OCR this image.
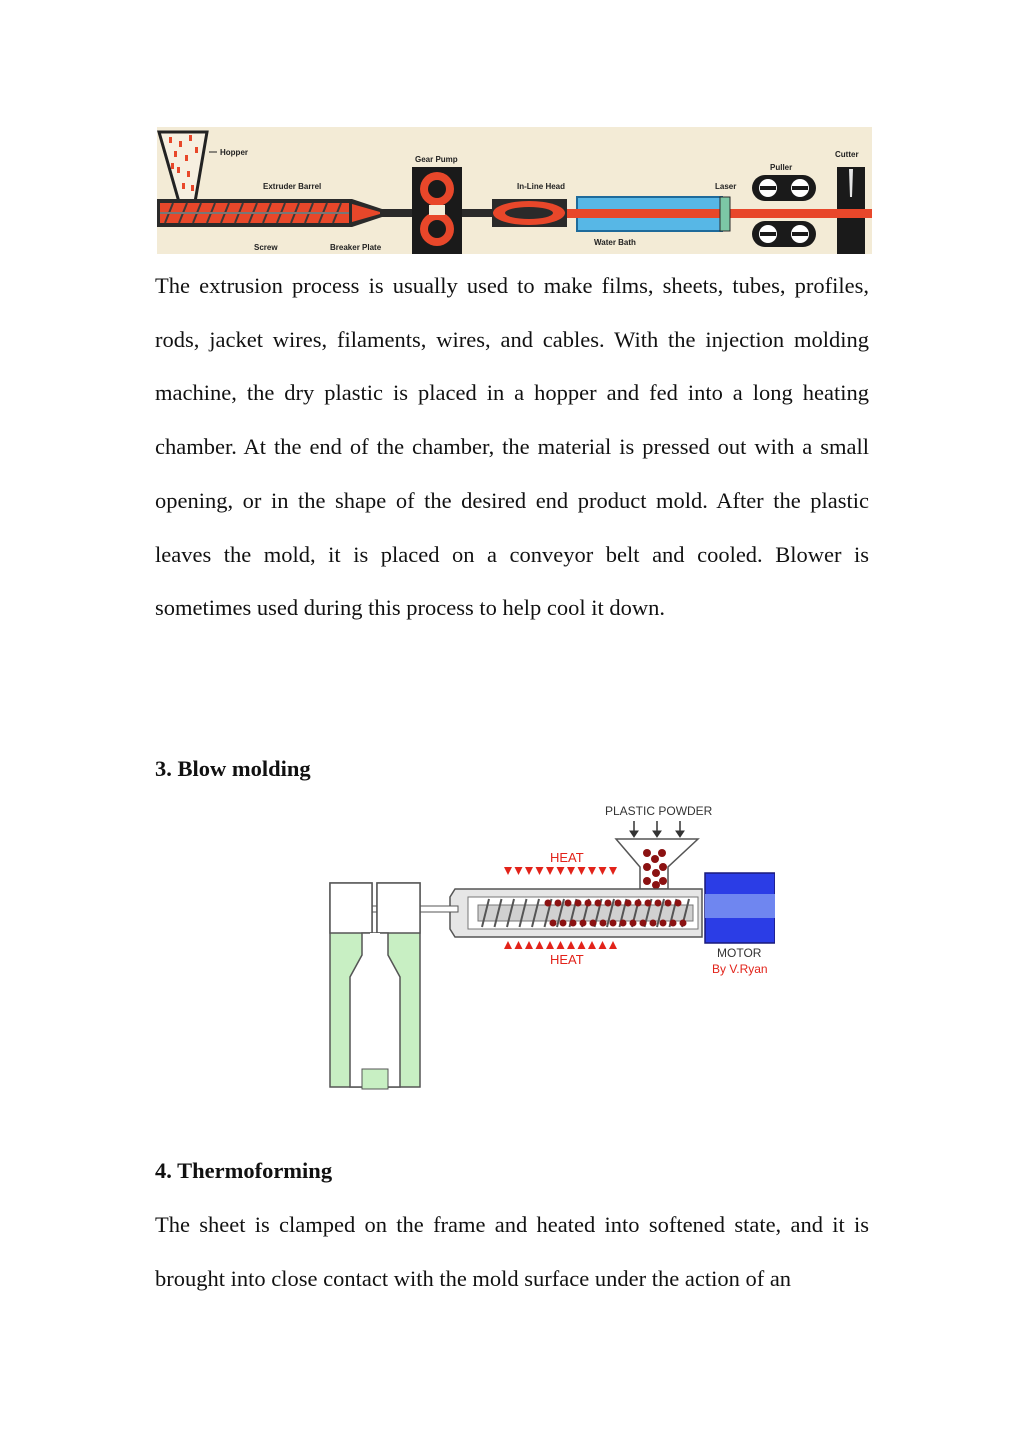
Hopper
Extruder Barrel
Screw	Breaker Plate
Gear Pump
In-Line Head
Water Bath
Laser
Puller
Cutter

The extrusion process is usually used to make films, sheets, tubes, profiles, rods, jacket wires, filaments, wires, and cables. With the injection molding machine, the dry plastic is placed in a hopper and fed into a long heating chamber. At the end of the chamber, the material is pressed out with a small opening, or in the shape of the desired end product mold. After the plastic leaves the mold, it is placed on a conveyor belt and cooled. Blower is sometimes used during this process to help cool it down.

3. Blow molding
PLASTIC POWDER
HEAT
HEAT	MOTOR
By V.Ryan
4. Thermoforming

The sheet is clamped on the frame and heated into softened state, and it is brought into close contact with the mold surface under the action of an
